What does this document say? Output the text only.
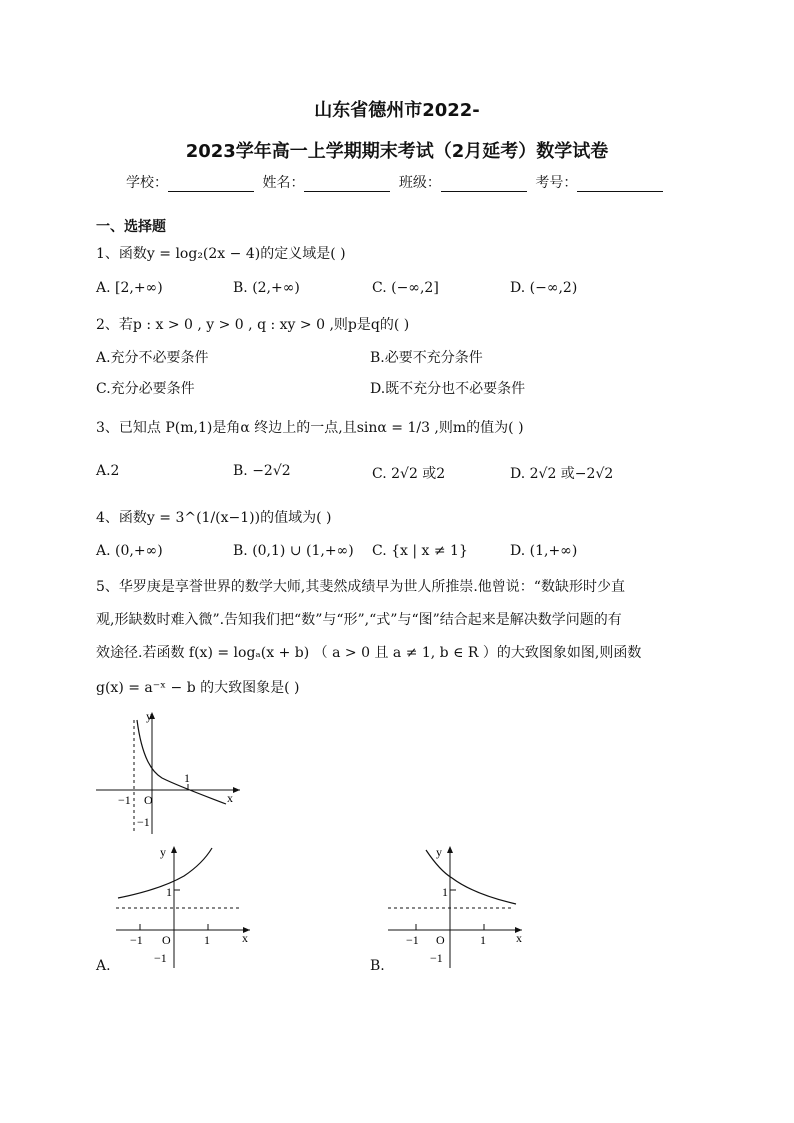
山东省德州市2022-
2023学年高一上学期期末考试（2月延考）数学试卷
学校：	姓名：	班级：	考号：
一、选择题
1、函数y = log₂(2x − 4)的定义域是( )
A. [2,+∞)	B. (2,+∞)	C. (−∞,2]	D. (−∞,2)
2、若p : x > 0 , y > 0 , q : xy > 0 ,则p是q的( )
A.充分不必要条件	B.必要不充分条件
C.充分必要条件	D.既不充分也不必要条件
3、已知点 P(m,1)是角α 终边上的一点,且sinα = 1/3 ,则m的值为( )
A.2	B. −2√2	C. 2√2 或2	D. 2√2 或−2√2
4、函数y = 3^(1/(x−1))的值域为( )
A. (0,+∞)	B. (0,1) ∪ (1,+∞) C. {x | x ≠ 1}	D. (1,+∞)
5、华罗庚是享誉世界的数学大师,其斐然成绩早为世人所推崇.他曾说：“数缺形时少直
观,形缺数时难入微”.告知我们把“数”与“形”,“式”与“图”结合起来是解决数学问题的有
效途径.若函数 f(x) = logₐ(x + b) （ a > 0 且 a ≠ 1, b ∈ R ）的大致图象如图,则函数
g(x) = a⁻ˣ − b 的大致图象是( )
y
x
O
1
−1
−1
y
x
O
1
1
−1
−1
A.
y
x
O
1
1
−1
−1
B.
